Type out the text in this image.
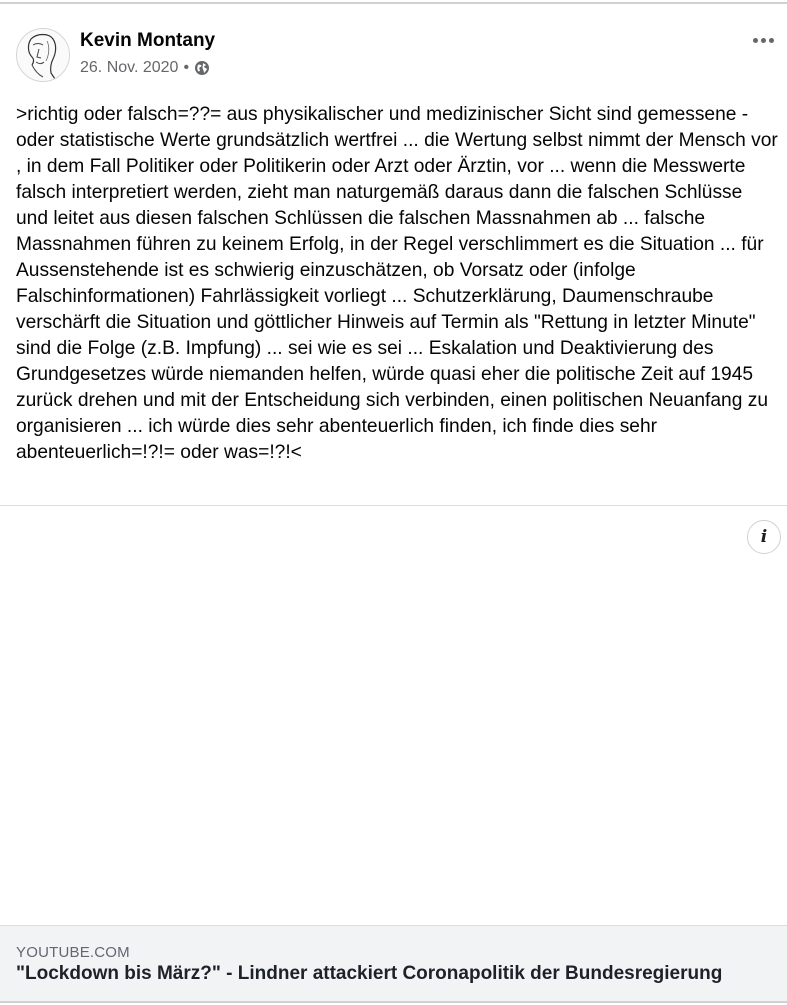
Kevin Montany
26. Nov. 2020 •
>richtig oder falsch=??= aus physikalischer und medizinischer Sicht sind gemessene - oder statistische Werte grundsätzlich wertfrei ... die Wertung selbst nimmt der Mensch vor , in dem Fall Politiker oder Politikerin oder Arzt oder Ärztin, vor ... wenn die Messwerte falsch interpretiert werden, zieht man naturgemäß daraus dann die falschen Schlüsse und leitet aus diesen falschen Schlüssen die falschen Massnahmen ab ... falsche Massnahmen führen zu keinem Erfolg, in der Regel verschlimmert es die Situation ... für Aussenstehende ist es schwierig einzuschätzen, ob Vorsatz oder (infolge Falschinformationen) Fahrlässigkeit vorliegt ... Schutzerklärung, Daumenschraube verschärft die Situation und göttlicher Hinweis auf Termin als "Rettung in letzter Minute" sind die Folge (z.B. Impfung) ... sei wie es sei ... Eskalation und Deaktivierung des Grundgesetzes würde niemanden helfen, würde quasi eher die politische Zeit auf 1945 zurück drehen und mit der Entscheidung sich verbinden, einen politischen Neuanfang zu organisieren ... ich würde dies sehr abenteuerlich finden, ich finde dies sehr abenteuerlich=!?!= oder was=!?!<
i
YOUTUBE.COM
"Lockdown bis März?" - Lindner attackiert Coronapolitik der Bundesregierung
